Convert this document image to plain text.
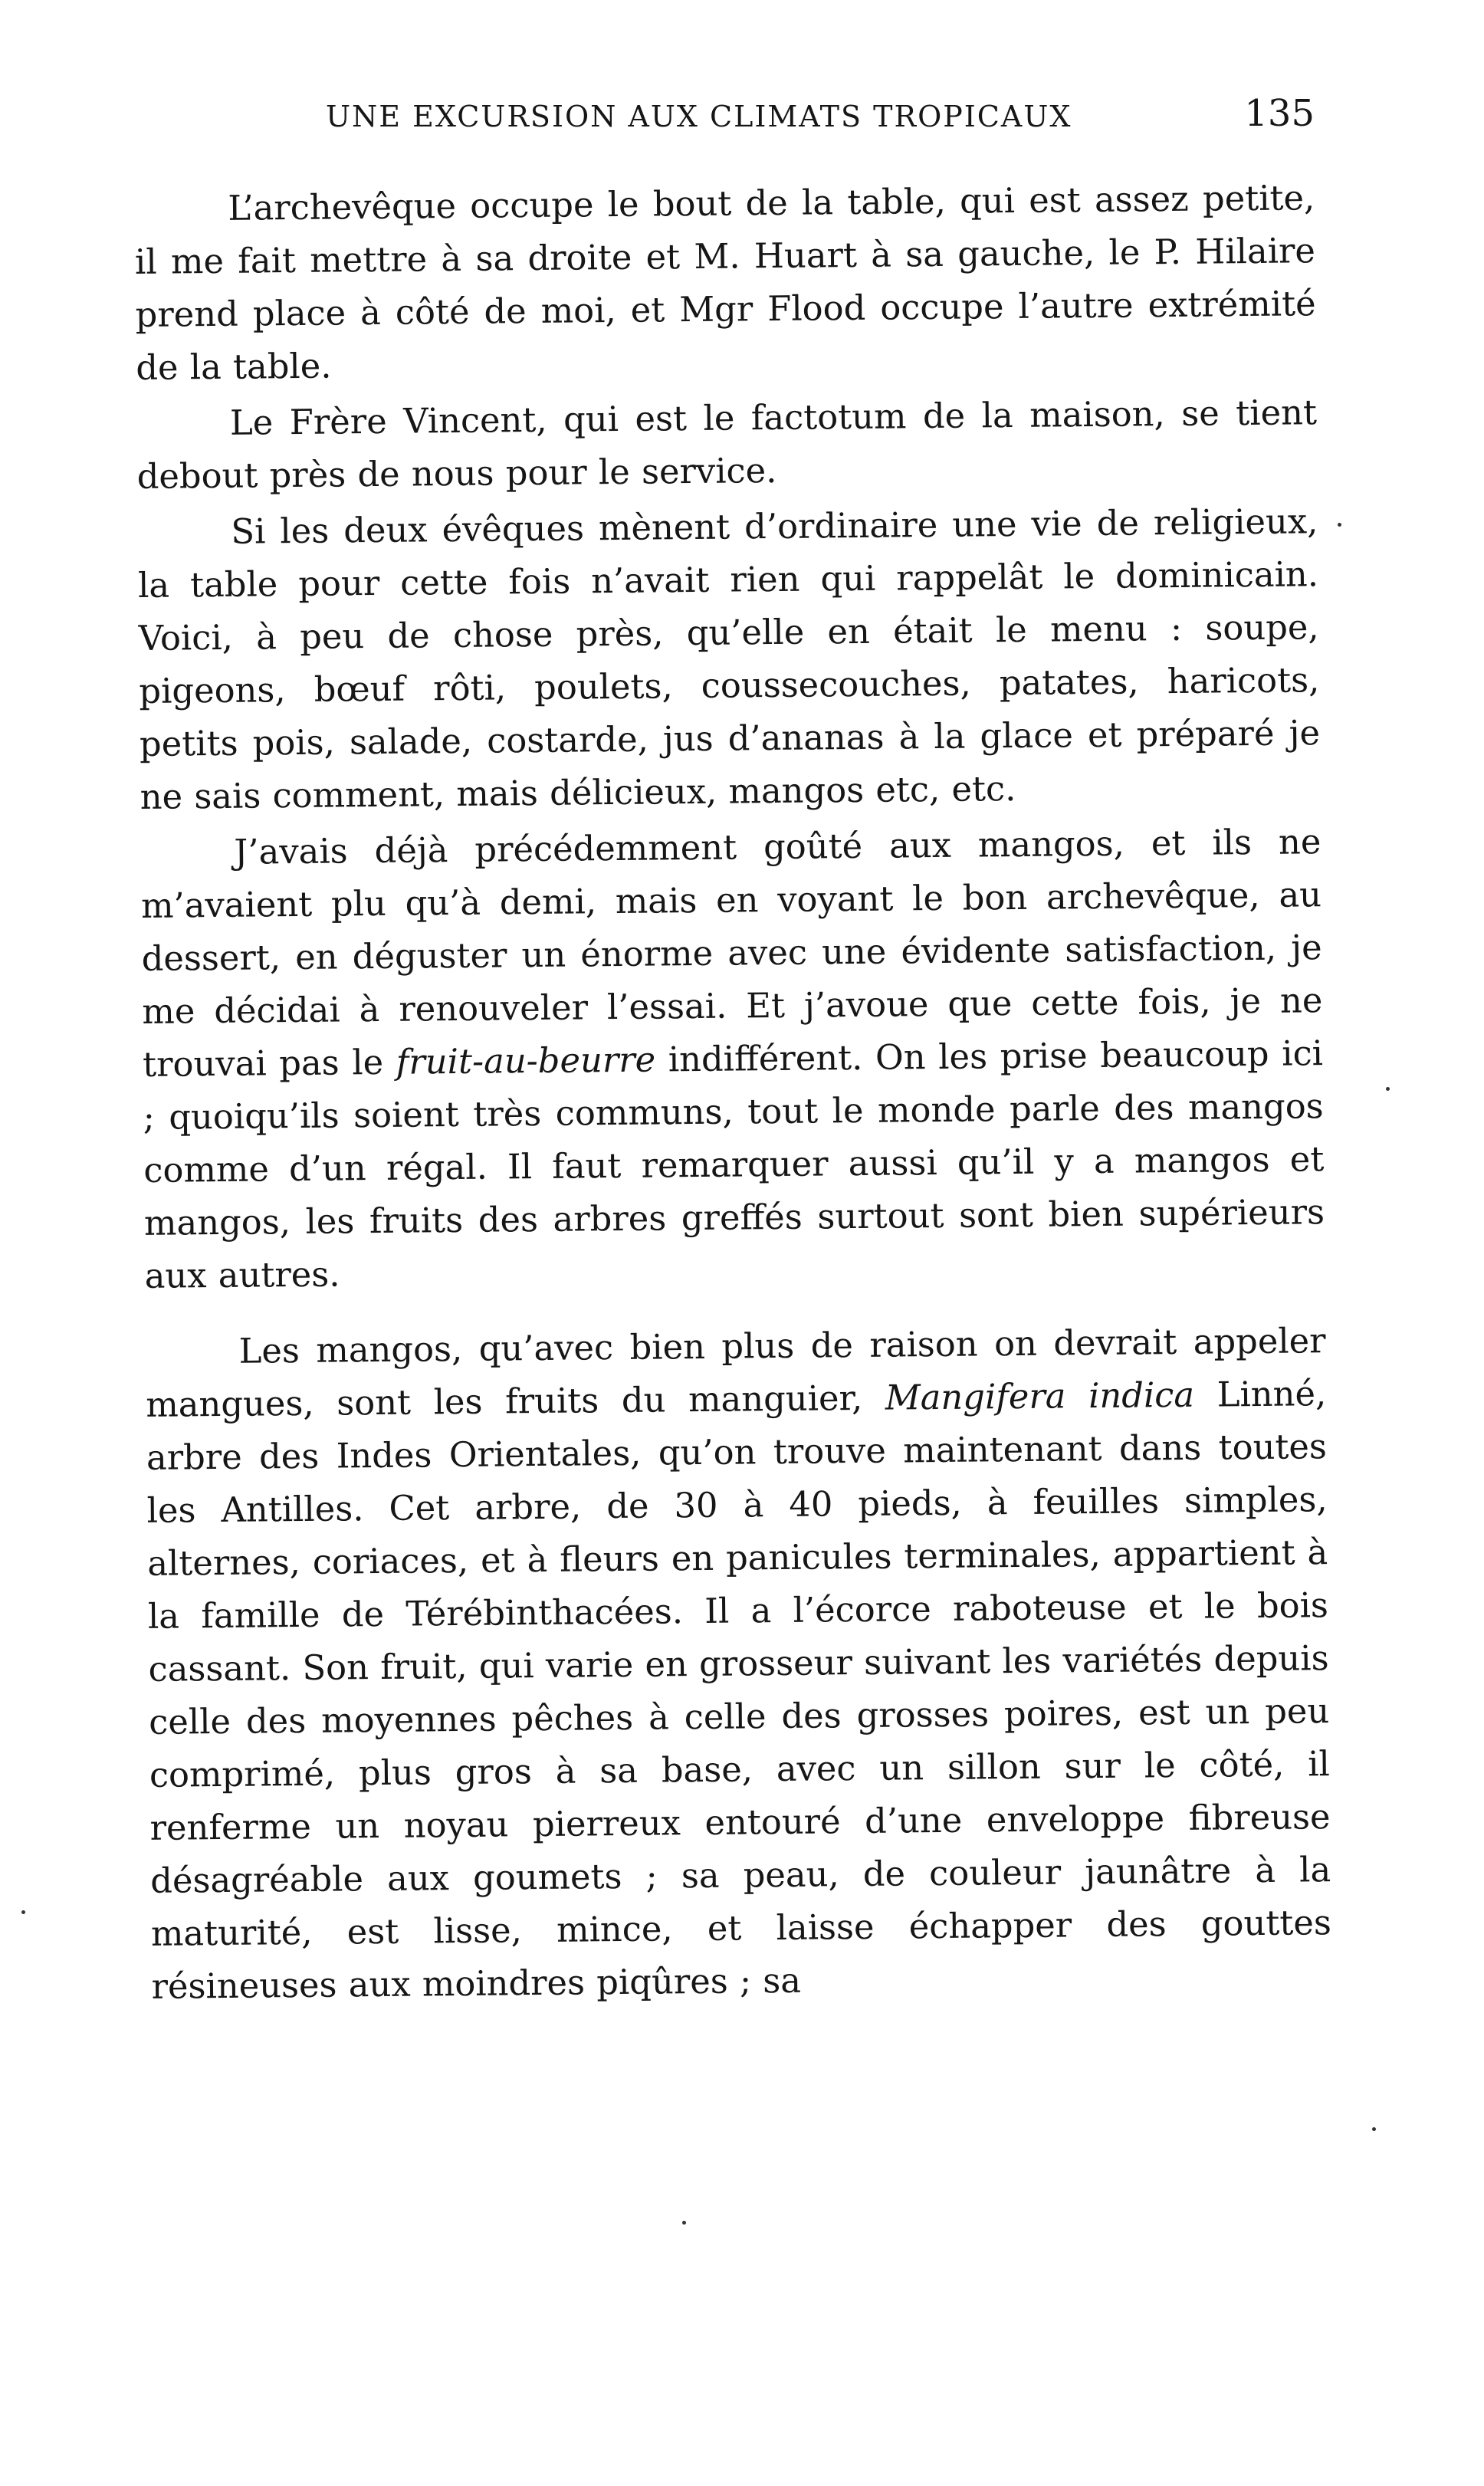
UNE EXCURSION AUX CLIMATS TROPICAUX	135

L’archevêque occupe le bout de la table, qui est assez petite, il me fait mettre à sa droite et M. Huart à sa gauche, le P. Hilaire prend place à côté de moi, et Mgr Flood occupe l’autre extrémité de la table.

Le Frère Vincent, qui est le factotum de la maison, se tient debout près de nous pour le service.

Si les deux évêques mènent d’ordinaire une vie de religieux, la table pour cette fois n’avait rien qui rappelât le dominicain. Voici, à peu de chose près, qu’elle en était le menu : soupe, pigeons, bœuf rôti, poulets, coussecouches, patates, haricots, petits pois, salade, costarde, jus d’ananas à la glace et préparé je ne sais comment, mais délicieux, mangos etc, etc.

J’avais déjà précédemment goûté aux mangos, et ils ne m’avaient plu qu’à demi, mais en voyant le bon archevêque, au dessert, en déguster un énorme avec une évidente satisfaction, je me décidai à renouveler l’essai. Et j’avoue que cette fois, je ne trouvai pas le fruit-au-beurre indifférent. On les prise beaucoup ici ; quoiqu’ils soient très communs, tout le monde parle des mangos comme d’un régal. Il faut remarquer aussi qu’il y a mangos et mangos, les fruits des arbres greffés surtout sont bien supérieurs aux autres.

Les mangos, qu’avec bien plus de raison on devrait appeler mangues, sont les fruits du manguier, Mangifera indica Linné, arbre des Indes Orientales, qu’on trouve maintenant dans toutes les Antilles. Cet arbre, de 30 à 40 pieds, à feuilles simples, alternes, coriaces, et à fleurs en panicules terminales, appartient à la famille de Térébinthacées. Il a l’écorce raboteuse et le bois cassant. Son fruit, qui varie en grosseur suivant les variétés depuis celle des moyennes pêches à celle des grosses poires, est un peu comprimé, plus gros à sa base, avec un sillon sur le côté, il renferme un noyau pierreux entouré d’une enveloppe fibreuse désagréable aux goumets ; sa peau, de couleur jaunâtre à la maturité, est lisse, mince, et laisse échapper des gouttes résineuses aux moindres piqûres ; sa
